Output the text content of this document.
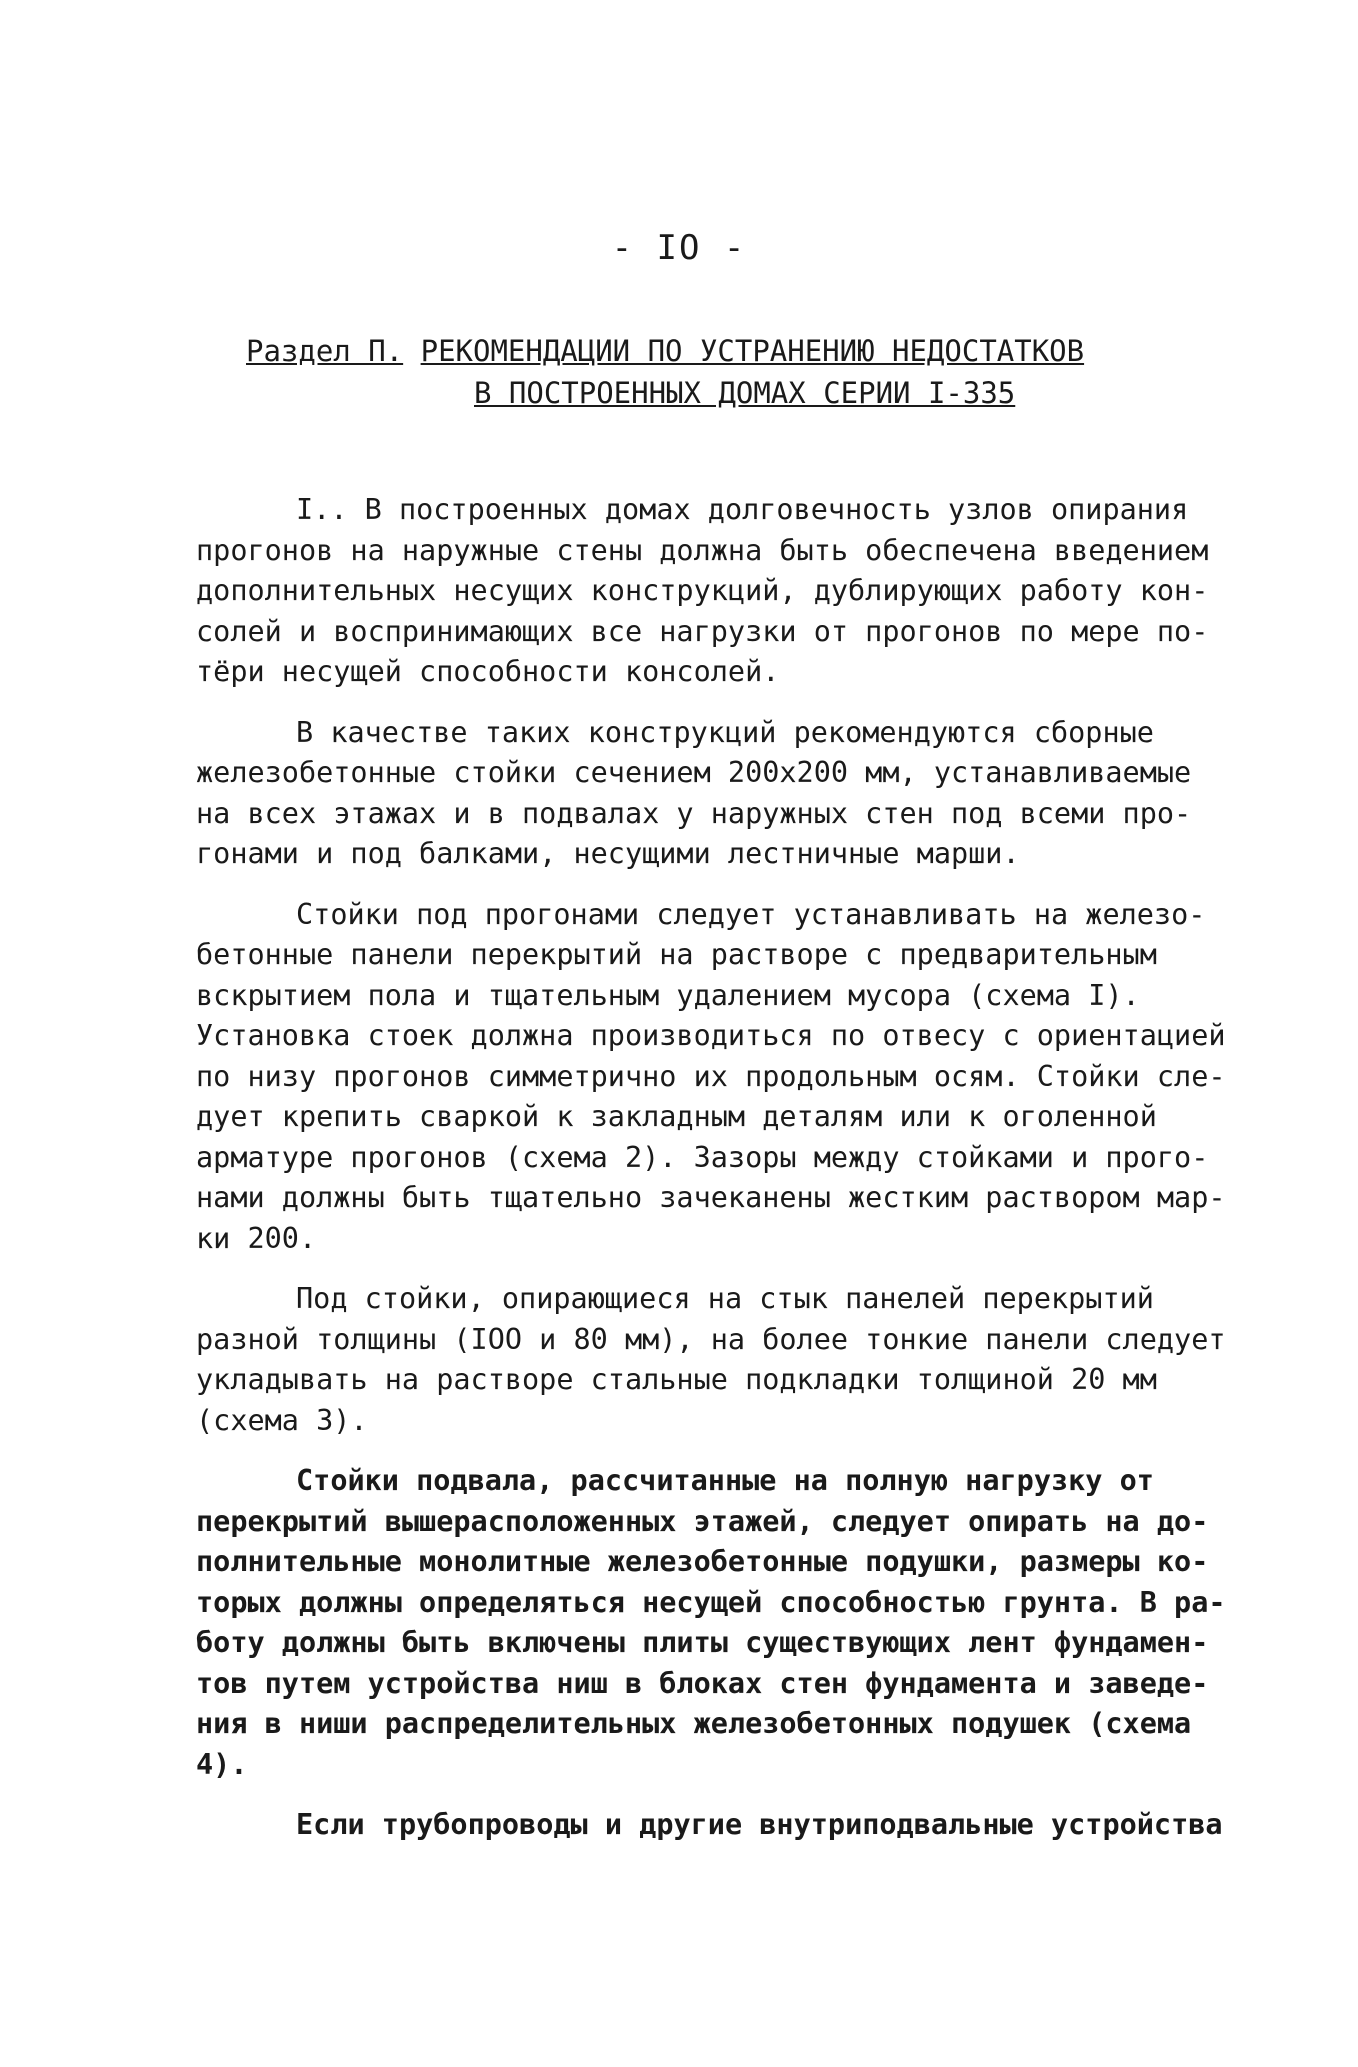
- IO -
Раздел П. РЕКОМЕНДАЦИИ ПО УСТРАНЕНИЮ НЕДОСТАТКОВ
В ПОСТРОЕННЫХ ДОМАХ СЕРИИ I-335
I.. В построенных домах долговечность узлов опирания
прогонов на наружные стены должна быть обеспечена введением
дополнительных несущих конструкций, дублирующих работу кон-
солей и воспринимающих все нагрузки от прогонов по мере по-
тёри несущей способности консолей.
В качестве таких конструкций рекомендуются сборные
железобетонные стойки сечением 200х200 мм, устанавливаемые
на всех этажах и в подвалах у наружных стен под всеми про-
гонами и под балками, несущими лестничные марши.
Стойки под прогонами следует устанавливать на железо-
бетонные панели перекрытий на растворе с предварительным
вскрытием пола и тщательным удалением мусора (схема I).
Установка стоек должна производиться по отвесу с ориентацией
по низу прогонов симметрично их продольным осям. Стойки сле-
дует крепить сваркой к закладным деталям или к оголенной
арматуре прогонов (схема 2). Зазоры между стойками и прого-
нами должны быть тщательно зачеканены жестким раствором мар-
ки 200.
Под стойки, опирающиеся на стык панелей перекрытий
разной толщины (IOO и 80 мм), на более тонкие панели следует
укладывать на растворе стальные подкладки толщиной 20 мм
(схема 3).
Стойки подвала, рассчитанные на полную нагрузку от
перекрытий вышерасположенных этажей, следует опирать на до-
полнительные монолитные железобетонные подушки, размеры ко-
торых должны определяться несущей способностью грунта. В ра-
боту должны быть включены плиты существующих лент фундамен-
тов путем устройства ниш в блоках стен фундамента и заведе-
ния в ниши распределительных железобетонных подушек (схема
4).
Если трубопроводы и другие внутриподвальные устройства
